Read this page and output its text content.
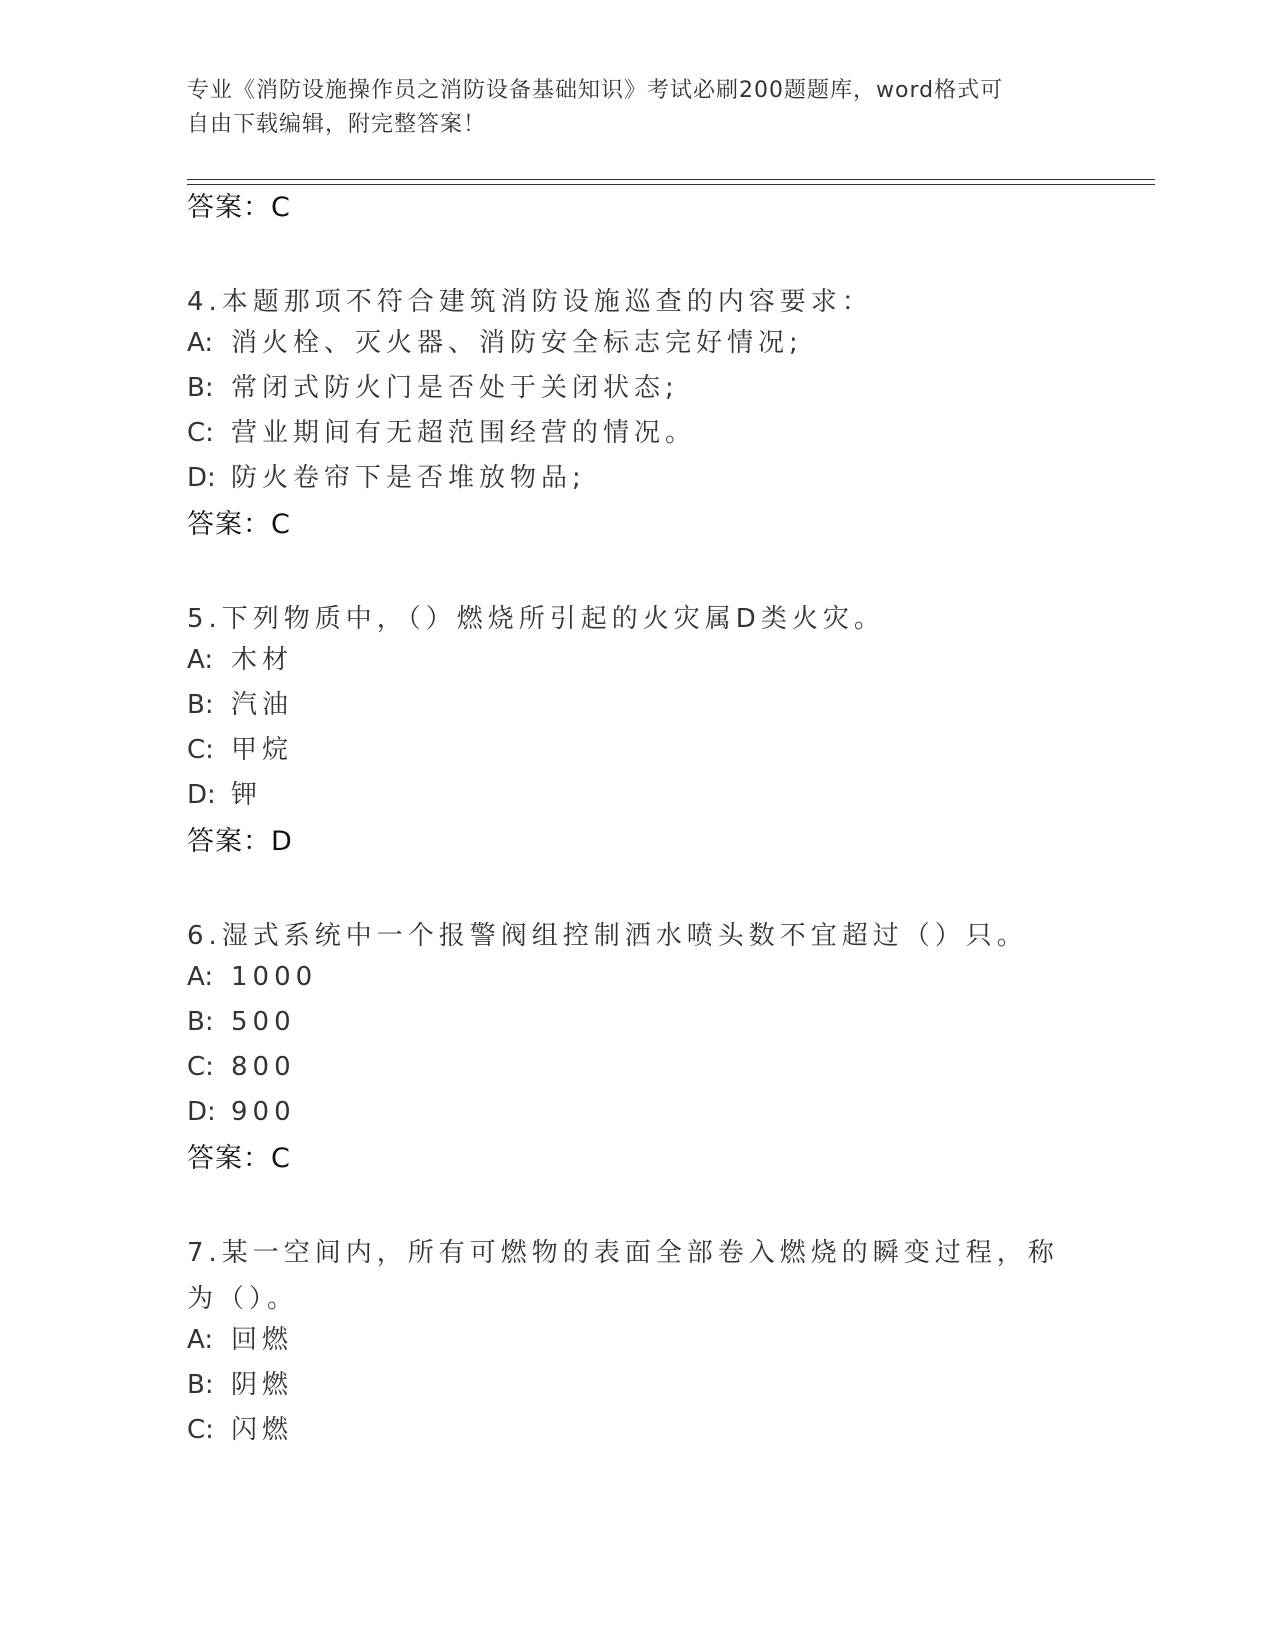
专业《消防设施操作员之消防设备基础知识》考试必刷200题题库，word格式可
自由下载编辑，附完整答案！
答案：C
4.本题那项不符合建筑消防设施巡查的内容要求：
A: 消火栓、灭火器、消防安全标志完好情况;
B: 常闭式防火门是否处于关闭状态;
C: 营业期间有无超范围经营的情况。
D: 防火卷帘下是否堆放物品;
答案：C
5.下列物质中，（）燃烧所引起的火灾属D类火灾。
A: 木材
B: 汽油
C: 甲烷
D: 钾
答案：D
6.湿式系统中一个报警阀组控制洒水喷头数不宜超过（）只。
A: 1000
B: 500
C: 800
D: 900
答案：C
7.某一空间内，所有可燃物的表面全部卷入燃烧的瞬变过程，称为（）。
A: 回燃
B: 阴燃
C: 闪燃
